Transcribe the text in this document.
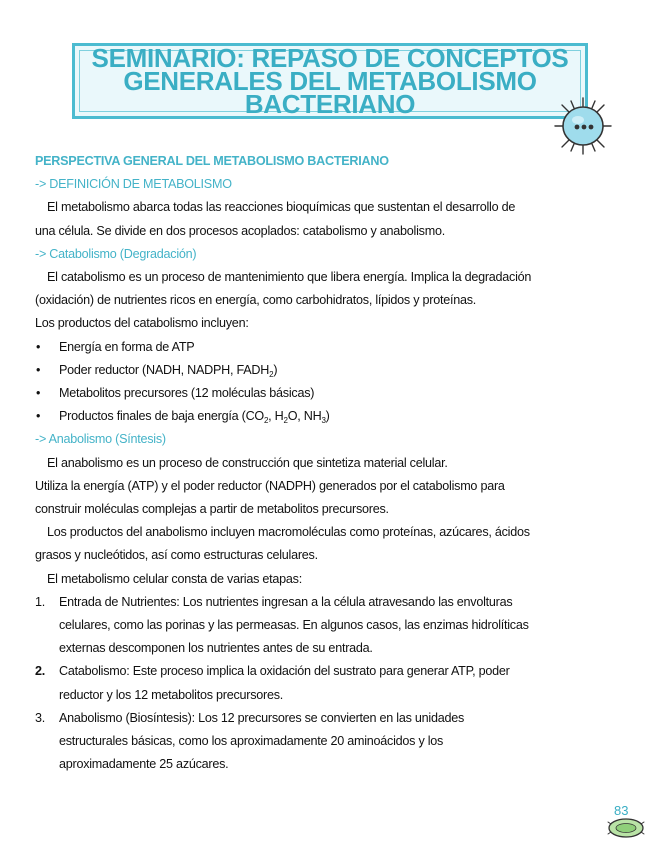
SEMINARIO: REPASO DE CONCEPTOS
GENERALES DEL METABOLISMO
BACTERIANO

PERSPECTIVA GENERAL DEL METABOLISMO BACTERIANO

-> DEFINICIÓN DE METABOLISMO

El metabolismo abarca todas las reacciones bioquímicas que sustentan el desarrollo de

una célula. Se divide en dos procesos acoplados: catabolismo y anabolismo.

-> Catabolismo (Degradación)

El catabolismo es un proceso de mantenimiento que libera energía. Implica la degradación

(oxidación) de nutrientes ricos en energía, como carbohidratos, lípidos y proteínas.

Los productos del catabolismo incluyen:

• Energía en forma de ATP

• Poder reductor (NADH, NADPH, $FADH_2$)

• Metabolitos precursores (12 moléculas básicas)

• Productos finales de baja energía ($CO_2$, $H_2O$, $NH_3$)

-> Anabolismo (Síntesis)

El anabolismo es un proceso de construcción que sintetiza material celular.

Utiliza la energía (ATP) y el poder reductor (NADPH) generados por el catabolismo para

construir moléculas complejas a partir de metabolitos precursores.

Los productos del anabolismo incluyen macromoléculas como proteínas, azúcares, ácidos

grasos y nucleótidos, así como estructuras celulares.

El metabolismo celular consta de varias etapas:

1. Entrada de Nutrientes: Los nutrientes ingresan a la célula atravesando las envolturas

celulares, como las porinas y las permeasas. En algunos casos, las enzimas hidrolíticas

externas descomponen los nutrientes antes de su entrada.

2. Catabolismo: Este proceso implica la oxidación del sustrato para generar ATP, poder

reductor y los 12 metabolitos precursores.

3. Anabolismo (Biosíntesis): Los 12 precursores se convierten en las unidades

estructurales básicas, como los aproximadamente 20 aminoácidos y los

aproximadamente 25 azúcares.

83
